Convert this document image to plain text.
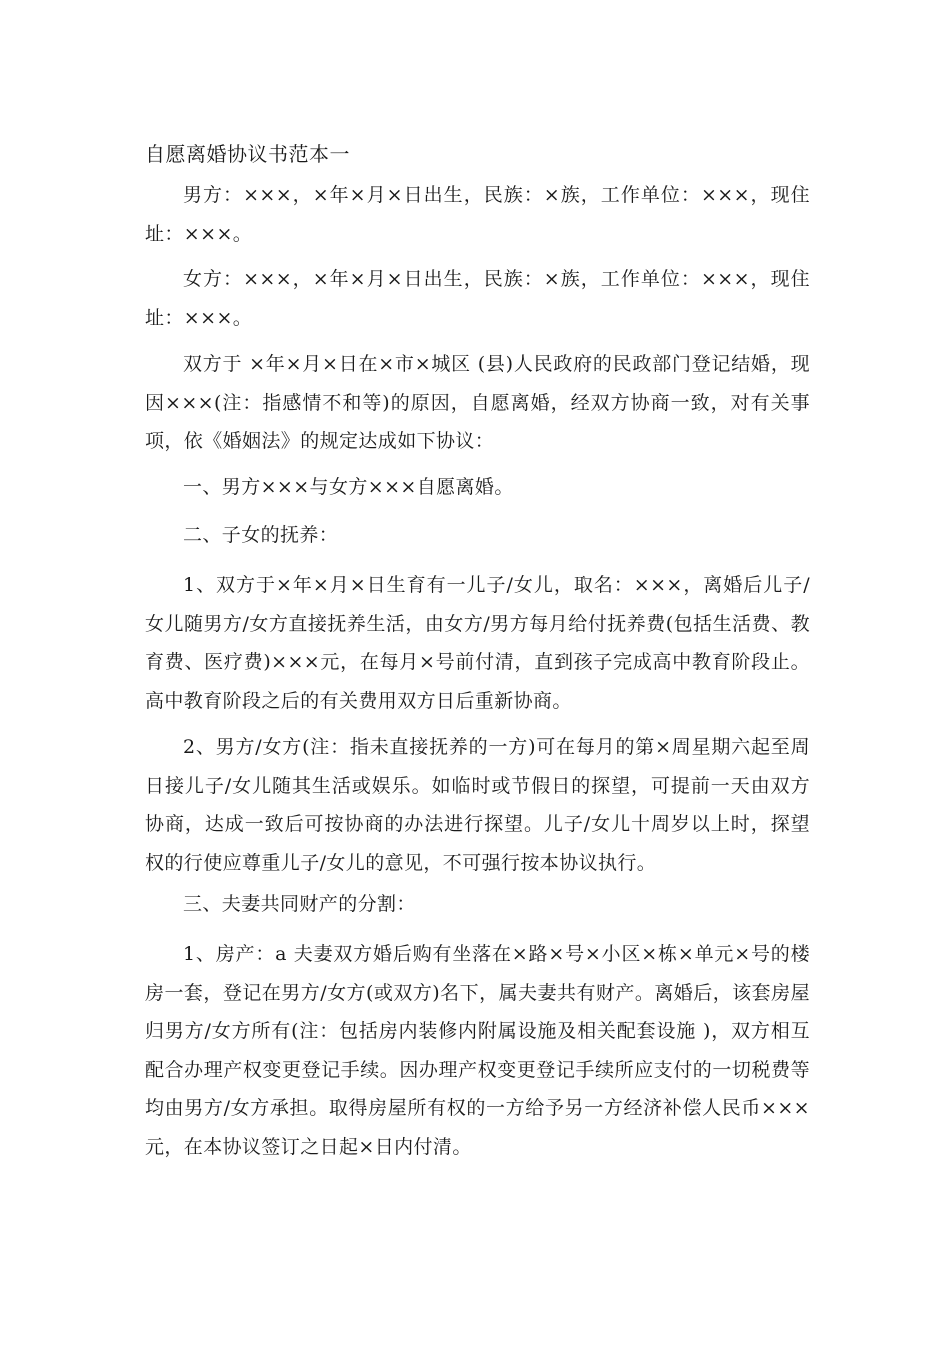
自愿离婚协议书范本一

男方：×××，×年×月×日出生，民族：×族，工作单位：×××，现住址：×××。

女方：×××，×年×月×日出生，民族：×族，工作单位：×××，现住址：×××。

双方于 ×年×月×日在×市×城区 (县)人民政府的民政部门登记结婚，现因×××(注：指感情不和等)的原因，自愿离婚，经双方协商一致，对有关事项，依《婚姻法》的规定达成如下协议：

一、男方×××与女方×××自愿离婚。

二、子女的抚养：

1、双方于×年×月×日生育有一儿子/女儿，取名：×××，离婚后儿子/女儿随男方/女方直接抚养生活，由女方/男方每月给付抚养费(包括生活费、教育费、医疗费)×××元，在每月×号前付清，直到孩子完成高中教育阶段止。高中教育阶段之后的有关费用双方日后重新协商。

2、男方/女方(注：指未直接抚养的一方)可在每月的第×周星期六起至周日接儿子/女儿随其生活或娱乐。如临时或节假日的探望，可提前一天由双方协商，达成一致后可按协商的办法进行探望。儿子/女儿十周岁以上时，探望权的行使应尊重儿子/女儿的意见，不可强行按本协议执行。

三、夫妻共同财产的分割：

1、房产：a 夫妻双方婚后购有坐落在×路×号×小区×栋×单元×号的楼房一套，登记在男方/女方(或双方)名下，属夫妻共有财产。离婚后，该套房屋归男方/女方所有(注：包括房内装修内附属设施及相关配套设施 )，双方相互配合办理产权变更登记手续。因办理产权变更登记手续所应支付的一切税费等均由男方/女方承担。取得房屋所有权的一方给予另一方经济补偿人民币×××元，在本协议签订之日起×日内付清。
